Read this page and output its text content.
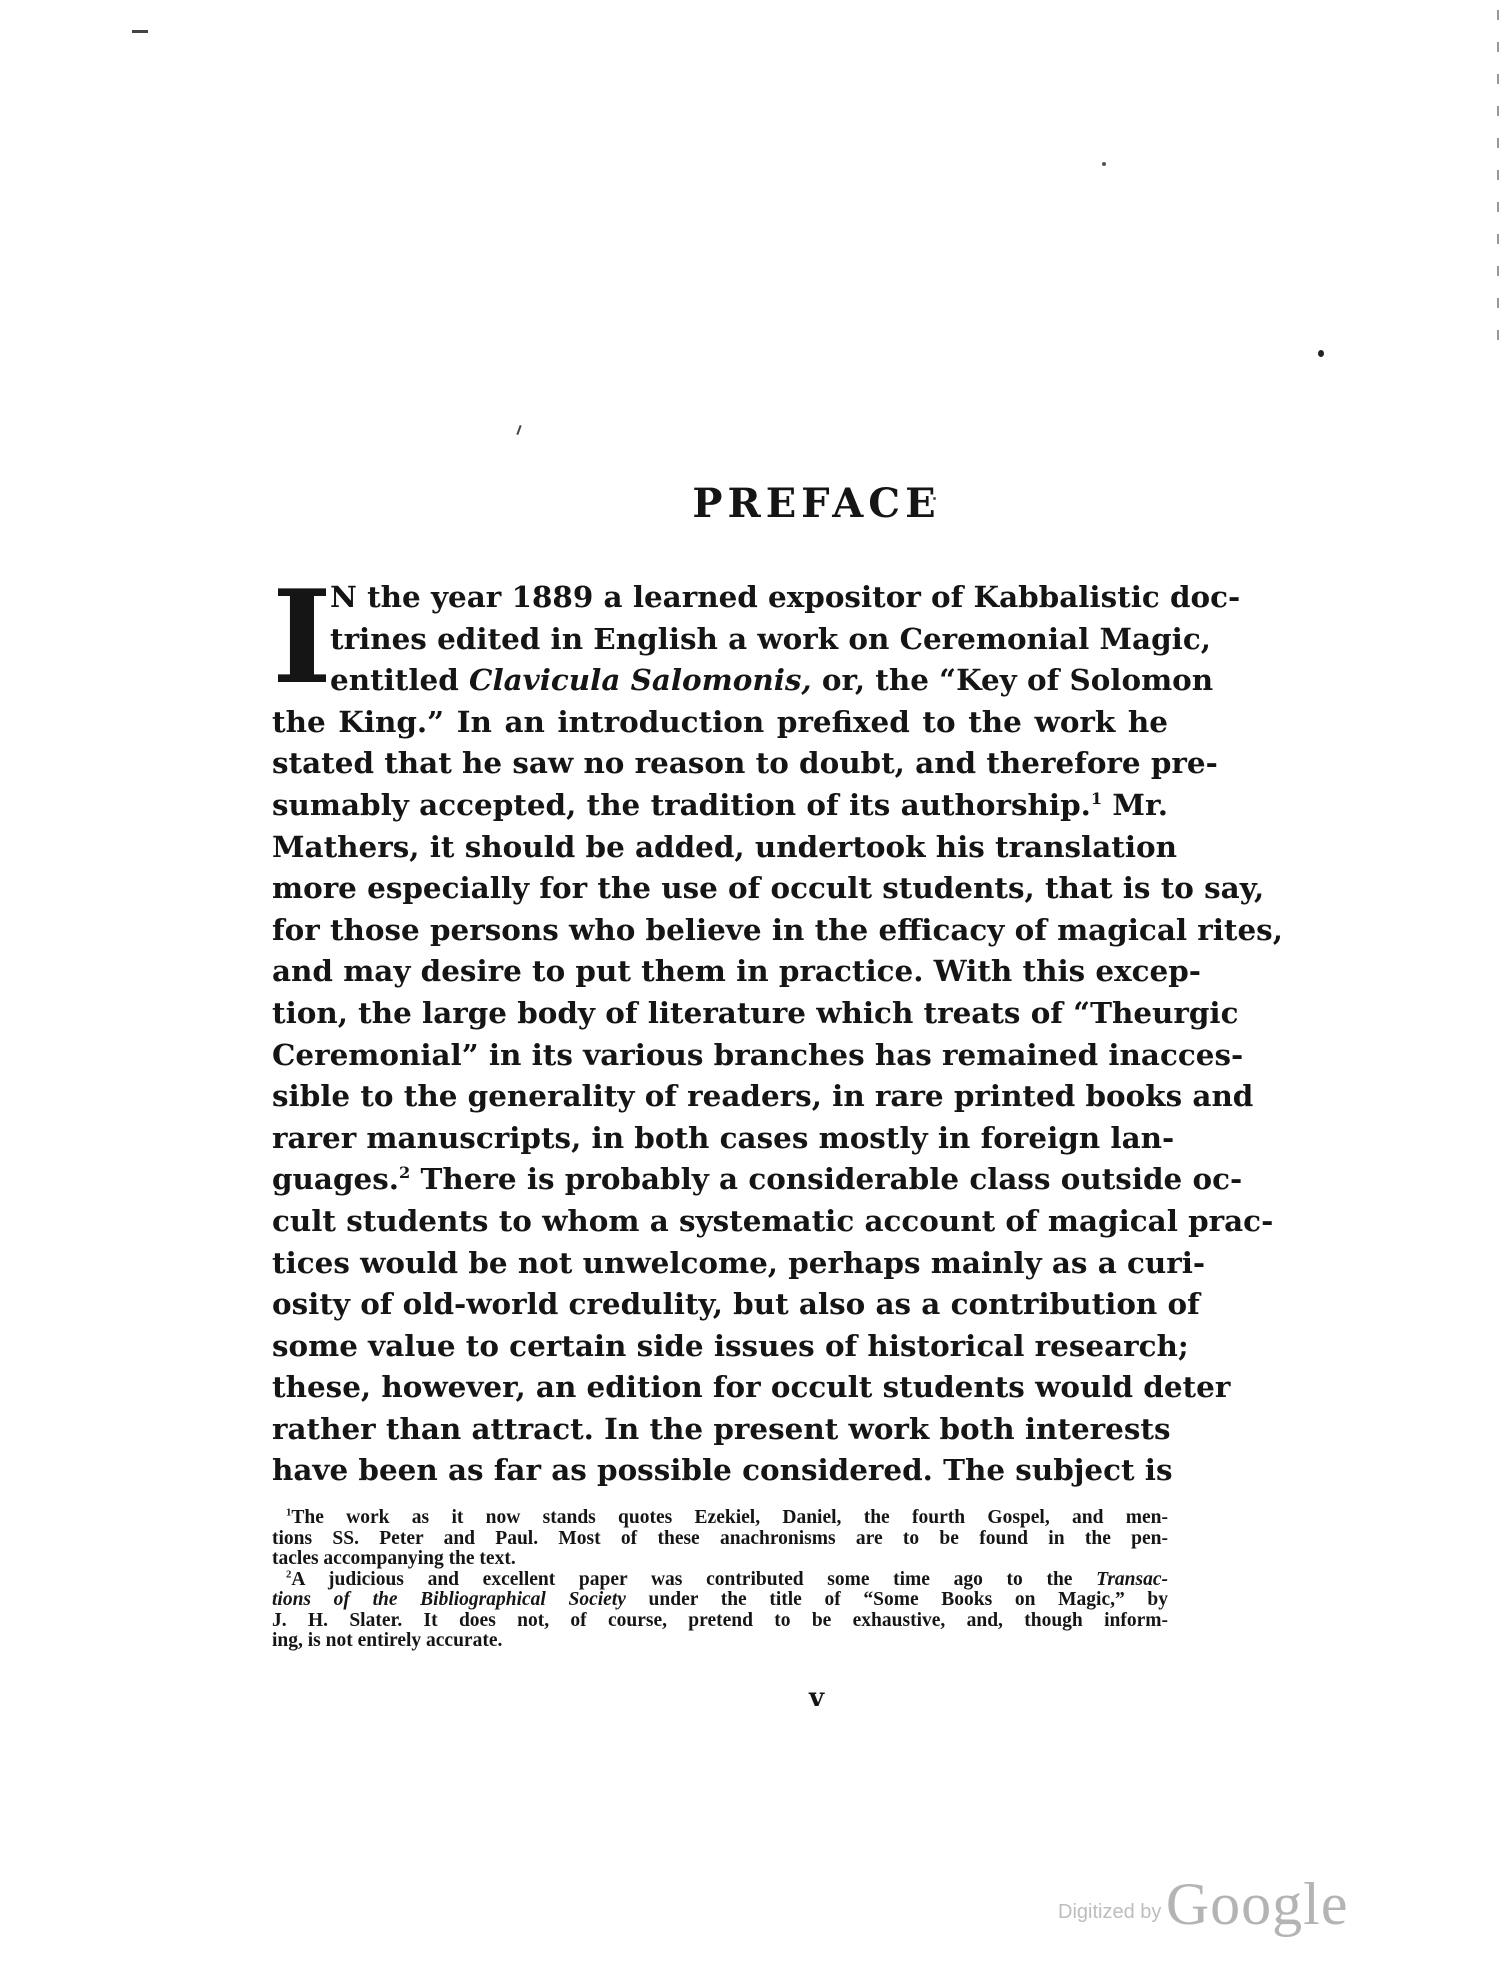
PREFACE
I
N the year 1889 a learned expositor of Kabbalistic doc-
trines edited in English a work on Ceremonial Magic,
entitled Clavicula Salomonis, or, the “Key of Solomon
the King.” In an introduction prefixed to the work he
stated that he saw no reason to doubt, and therefore pre-
sumably accepted, the tradition of its authorship.$^1$ Mr.
Mathers, it should be added, undertook his translation
more especially for the use of occult students, that is to say,
for those persons who believe in the efficacy of magical rites,
and may desire to put them in practice. With this excep-
tion, the large body of literature which treats of “Theurgic
Ceremonial” in its various branches has remained inacces-
sible to the generality of readers, in rare printed books and
rarer manuscripts, in both cases mostly in foreign lan-
guages.$^2$ There is probably a considerable class outside oc-
cult students to whom a systematic account of magical prac-
tices would be not unwelcome, perhaps mainly as a curi-
osity of old-world credulity, but also as a contribution of
some value to certain side issues of historical research;
these, however, an edition for occult students would deter
rather than attract. In the present work both interests
have been as far as possible considered. The subject is
$^1$The work as it now stands quotes Ezekiel, Daniel, the fourth Gospel, and men-
tions SS. Peter and Paul. Most of these anachronisms are to be found in the pen-
tacles accompanying the text.
$^2$A judicious and excellent paper was contributed some time ago to the Transac-
tions of the Bibliographical Society under the title of “Some Books on Magic,” by
J. H. Slater. It does not, of course, pretend to be exhaustive, and, though inform-
ing, is not entirely accurate.
v
Digitized by Google
